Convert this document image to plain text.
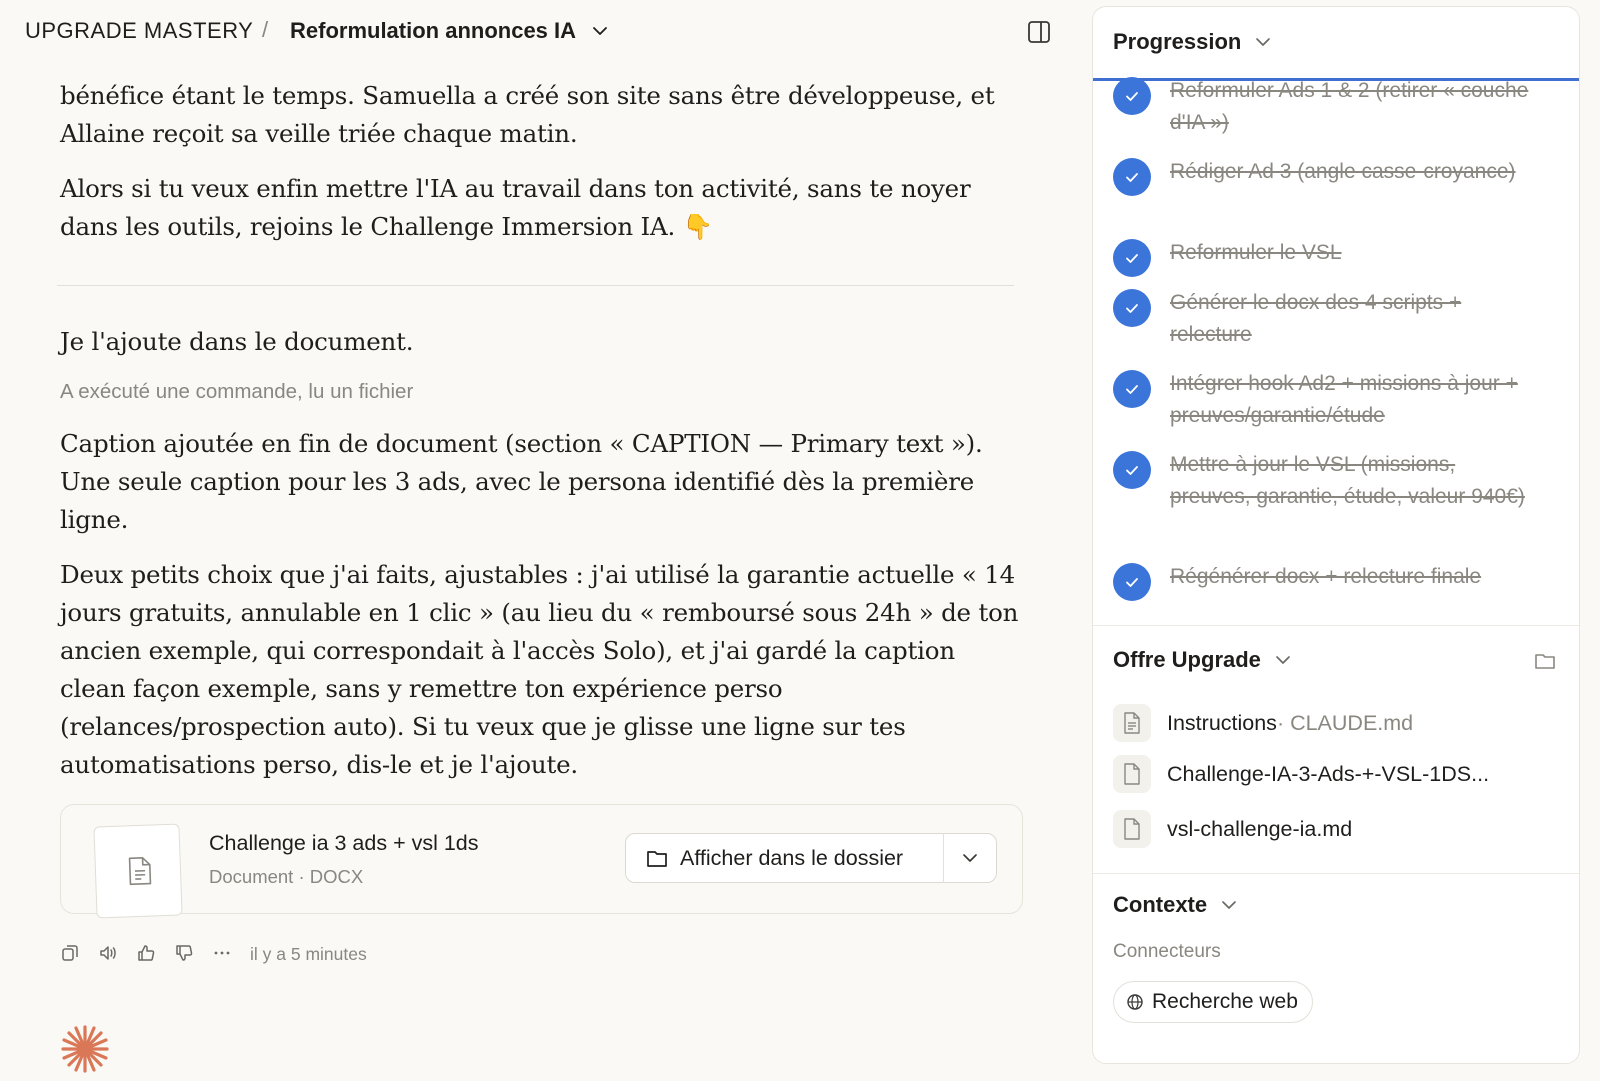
UPGRADE MASTERY / Reformulation annonces IA

bénéfice étant le temps. Samuella a créé son site sans être développeuse, et Allaine reçoit sa veille triée chaque matin.

Alors si tu veux enfin mettre l'IA au travail dans ton activité, sans te noyer dans les outils, rejoins le Challenge Immersion IA. 👇

Je l'ajoute dans le document.

A exécuté une commande, lu un fichier

Caption ajoutée en fin de document (section « CAPTION — Primary text »). Une seule caption pour les 3 ads, avec le persona identifié dès la première ligne.

Deux petits choix que j'ai faits, ajustables : j'ai utilisé la garantie actuelle « 14 jours gratuits, annulable en 1 clic » (au lieu du « remboursé sous 24h » de ton ancien exemple, qui correspondait à l'accès Solo), et j'ai gardé la caption clean façon exemple, sans y remettre ton expérience perso (relances/prospection auto). Si tu veux que je glisse une ligne sur tes automatisations perso, dis-le et je l'ajoute.

Challenge ia 3 ads + vsl 1ds
Document · DOCX
Afficher dans le dossier
il y a 5 minutes
Progression
Reformuler Ads 1 & 2 (retirer « couche d'IA »)
Rédiger Ad 3 (angle casse-croyance)
Reformuler le VSL
Générer le docx des 4 scripts + relecture
Intégrer hook Ad2 + missions à jour + preuves/garantie/étude
Mettre à jour le VSL (missions, preuves, garantie, étude, valeur 940€)
Régénérer docx + relecture finale
Offre Upgrade
Instructions · CLAUDE.md
Challenge-IA-3-Ads-+-VSL-1DS...
vsl-challenge-ia.md
Contexte
Connecteurs
Recherche web
